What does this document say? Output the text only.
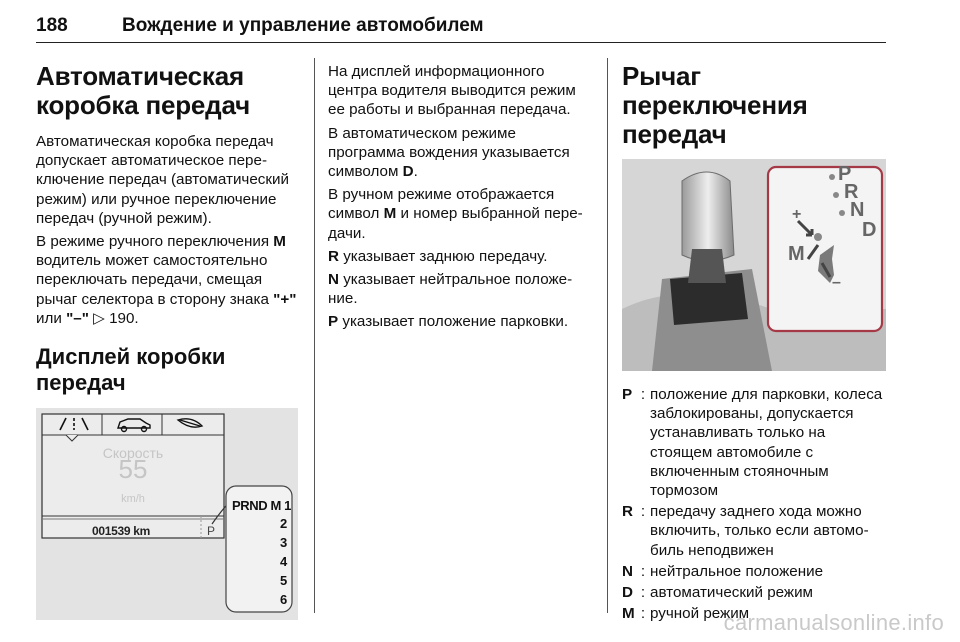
188	Вождение и управление автомобилем
Автоматическая коробка передач

Автоматическая коробка передач допускает автоматическое переключение передач (автоматический режим) или ручное переключение передач (ручной режим).

В режиме ручного переключения M водитель может самостоятельно переключать передачи, смещая рычаг селектора в сторону знака "+" или "–" ▷ 190.

Дисплей коробки передач
Скорость
55
km/h
001539 km	P
PRND M 1
2
3
4
5
6

На дисплей информационного центра водителя выводится режим ее работы и выбранная передача.

В автоматическом режиме программа вождения указывается символом D.

В ручном режиме отображается символ M и номер выбранной передачи.

R указывает заднюю передачу.

N указывает нейтральное положение.

P указывает положение парковки.

Рычаг переключения передач
P
R
N
D
M
+
–
P : положение для парковки, колеса заблокированы, допускается устанавливать только на стоящем автомобиле с включенным стояночным тормозом
R : передачу заднего хода можно включить, только если автомобиль неподвижен
N : нейтральное положение
D : автоматический режим
M : ручной режим
carmanualsonline.info
